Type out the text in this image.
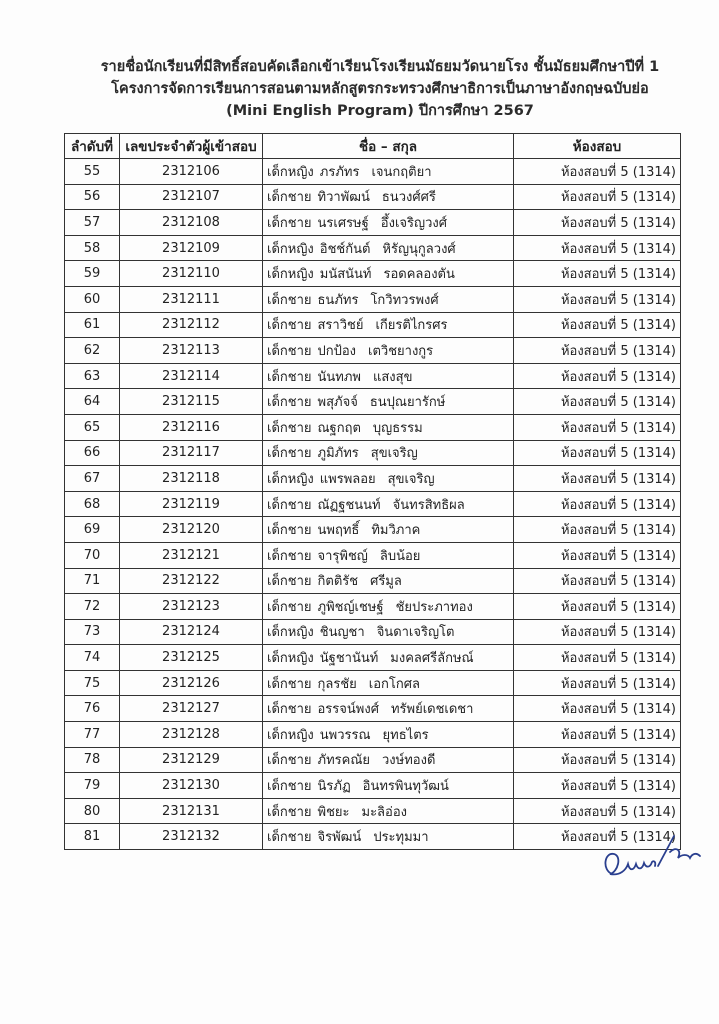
รายชื่อนักเรียนที่มีสิทธิ์สอบคัดเลือกเข้าเรียนโรงเรียนมัธยมวัดนายโรง ชั้นมัธยมศึกษาปีที่ 1
โครงการจัดการเรียนการสอนตามหลักสูตรกระทรวงศึกษาธิการเป็นภาษาอังกฤษฉบับย่อ
(Mini English Program) ปีการศึกษา 2567
ลำดับที่	เลขประจำตัวผู้เข้าสอบ	ชื่อ – สกุล	ห้องสอบ
55	2312106	เด็กหญิง ภรภัทร เจนกฤติยา	ห้องสอบที่ 5 (1314)
56	2312107	เด็กชาย ทิวาพัฒน์ ธนวงศ์ศรี	ห้องสอบที่ 5 (1314)
57	2312108	เด็กชาย นรเศรษฐ์ อึ้งเจริญวงศ์	ห้องสอบที่ 5 (1314)
58	2312109	เด็กหญิง อิชช์กันต์ หิรัญนุกูลวงศ์	ห้องสอบที่ 5 (1314)
59	2312110	เด็กหญิง มนัสนันท์ รอดคลองตัน	ห้องสอบที่ 5 (1314)
60	2312111	เด็กชาย ธนภัทร โกวิทวรพงศ์	ห้องสอบที่ 5 (1314)
61	2312112	เด็กชาย สราวิชย์ เกียรติไกรศร	ห้องสอบที่ 5 (1314)
62	2312113	เด็กชาย ปกป้อง เตวิชยางกูร	ห้องสอบที่ 5 (1314)
63	2312114	เด็กชาย นันทภพ แสงสุข	ห้องสอบที่ 5 (1314)
64	2312115	เด็กชาย พสุภัจจ์ ธนปุณยารักษ์	ห้องสอบที่ 5 (1314)
65	2312116	เด็กชาย ณฐกฤต บุญธรรม	ห้องสอบที่ 5 (1314)
66	2312117	เด็กชาย ภูมิภัทร สุขเจริญ	ห้องสอบที่ 5 (1314)
67	2312118	เด็กหญิง แพรพลอย สุขเจริญ	ห้องสอบที่ 5 (1314)
68	2312119	เด็กชาย ณัฏฐชนนท์ จันทรสิทธิผล	ห้องสอบที่ 5 (1314)
69	2312120	เด็กชาย นพฤทธิ์ ทิมวิภาค	ห้องสอบที่ 5 (1314)
70	2312121	เด็กชาย จารุพิชญ์ ลิบน้อย	ห้องสอบที่ 5 (1314)
71	2312122	เด็กชาย กิตติรัช ศรีมูล	ห้องสอบที่ 5 (1314)
72	2312123	เด็กชาย ภูพิชญ์เชษฐ์ ชัยประภาทอง	ห้องสอบที่ 5 (1314)
73	2312124	เด็กหญิง ชินญชา จินดาเจริญโต	ห้องสอบที่ 5 (1314)
74	2312125	เด็กหญิง นัฐชานันท์ มงคลศรีลักษณ์	ห้องสอบที่ 5 (1314)
75	2312126	เด็กชาย กุลรชัย เอกโกศล	ห้องสอบที่ 5 (1314)
76	2312127	เด็กชาย อรรจน์พงศ์ ทรัพย์เดชเดชา	ห้องสอบที่ 5 (1314)
77	2312128	เด็กหญิง นพวรรณ ยุทธไตร	ห้องสอบที่ 5 (1314)
78	2312129	เด็กชาย ภัทรคณัย วงษ์ทองดี	ห้องสอบที่ 5 (1314)
79	2312130	เด็กชาย นิรภัฏ อินทรพินทุวัฒน์	ห้องสอบที่ 5 (1314)
80	2312131	เด็กชาย พิชยะ มะลิอ่อง	ห้องสอบที่ 5 (1314)
81	2312132	เด็กชาย จิรพัฒน์ ประทุมมา	ห้องสอบที่ 5 (1314)
